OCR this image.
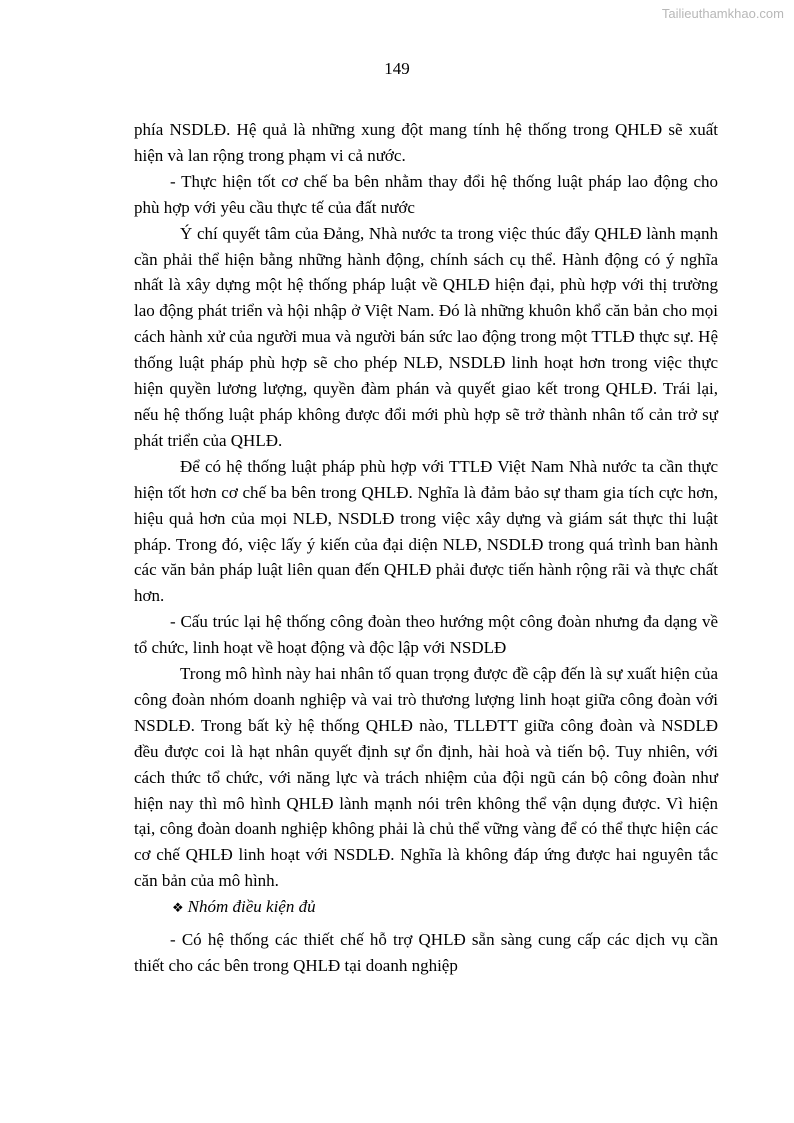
Tailieuthamkhao.com
149

phía NSDLĐ. Hệ quả là những xung đột mang tính hệ thống trong QHLĐ sẽ xuất hiện và lan rộng trong phạm vi cả nước.

- Thực hiện tốt cơ chế ba bên nhằm thay đổi hệ thống luật pháp lao động cho phù hợp với yêu cầu thực tế của đất nước

Ý chí quyết tâm của Đảng, Nhà nước ta trong việc thúc đẩy QHLĐ lành mạnh cần phải thể hiện bằng những hành động, chính sách cụ thể. Hành động có ý nghĩa nhất là xây dựng một hệ thống pháp luật về QHLĐ hiện đại, phù hợp với thị trường lao động phát triển và hội nhập ở Việt Nam. Đó là những khuôn khổ căn bản cho mọi cách hành xử của người mua và người bán sức lao động trong một TTLĐ thực sự. Hệ thống luật pháp phù hợp sẽ cho phép NLĐ, NSDLĐ linh hoạt hơn trong việc thực hiện quyền lương lượng, quyền đàm phán và quyết giao kết trong QHLĐ. Trái lại, nếu hệ thống luật pháp không được đổi mới phù hợp sẽ trở thành nhân tố cản trở sự phát triển của QHLĐ.

Để có hệ thống luật pháp phù hợp với TTLĐ Việt Nam Nhà nước ta cần thực hiện tốt hơn cơ chế ba bên trong QHLĐ. Nghĩa là đảm bảo sự tham gia tích cực hơn, hiệu quả hơn của mọi NLĐ, NSDLĐ trong việc xây dựng và giám sát thực thi luật pháp. Trong đó, việc lấy ý kiến của đại diện NLĐ, NSDLĐ trong quá trình ban hành các văn bản pháp luật liên quan đến QHLĐ phải được tiến hành rộng rãi và thực chất hơn.

- Cấu trúc lại hệ thống công đoàn theo hướng một công đoàn nhưng đa dạng về tổ chức, linh hoạt về hoạt động và độc lập với NSDLĐ

Trong mô hình này hai nhân tố quan trọng được đề cập đến là sự xuất hiện của công đoàn nhóm doanh nghiệp và vai trò thương lượng linh hoạt giữa công đoàn với NSDLĐ. Trong bất kỳ hệ thống QHLĐ nào, TLLĐTT giữa công đoàn và NSDLĐ đều được coi là hạt nhân quyết định sự ổn định, hài hoà và tiến bộ. Tuy nhiên, với cách thức tổ chức, với năng lực và trách nhiệm của đội ngũ cán bộ công đoàn như hiện nay thì mô hình QHLĐ lành mạnh nói trên không thể vận dụng được. Vì hiện tại, công đoàn doanh nghiệp không phải là chủ thể vững vàng để có thể thực hiện các cơ chế QHLĐ linh hoạt với NSDLĐ. Nghĩa là không đáp ứng được hai nguyên tắc căn bản của mô hình.

❖ Nhóm điều kiện đủ

- Có hệ thống các thiết chế hỗ trợ QHLĐ sẵn sàng cung cấp các dịch vụ cần thiết cho các bên trong QHLĐ tại doanh nghiệp
